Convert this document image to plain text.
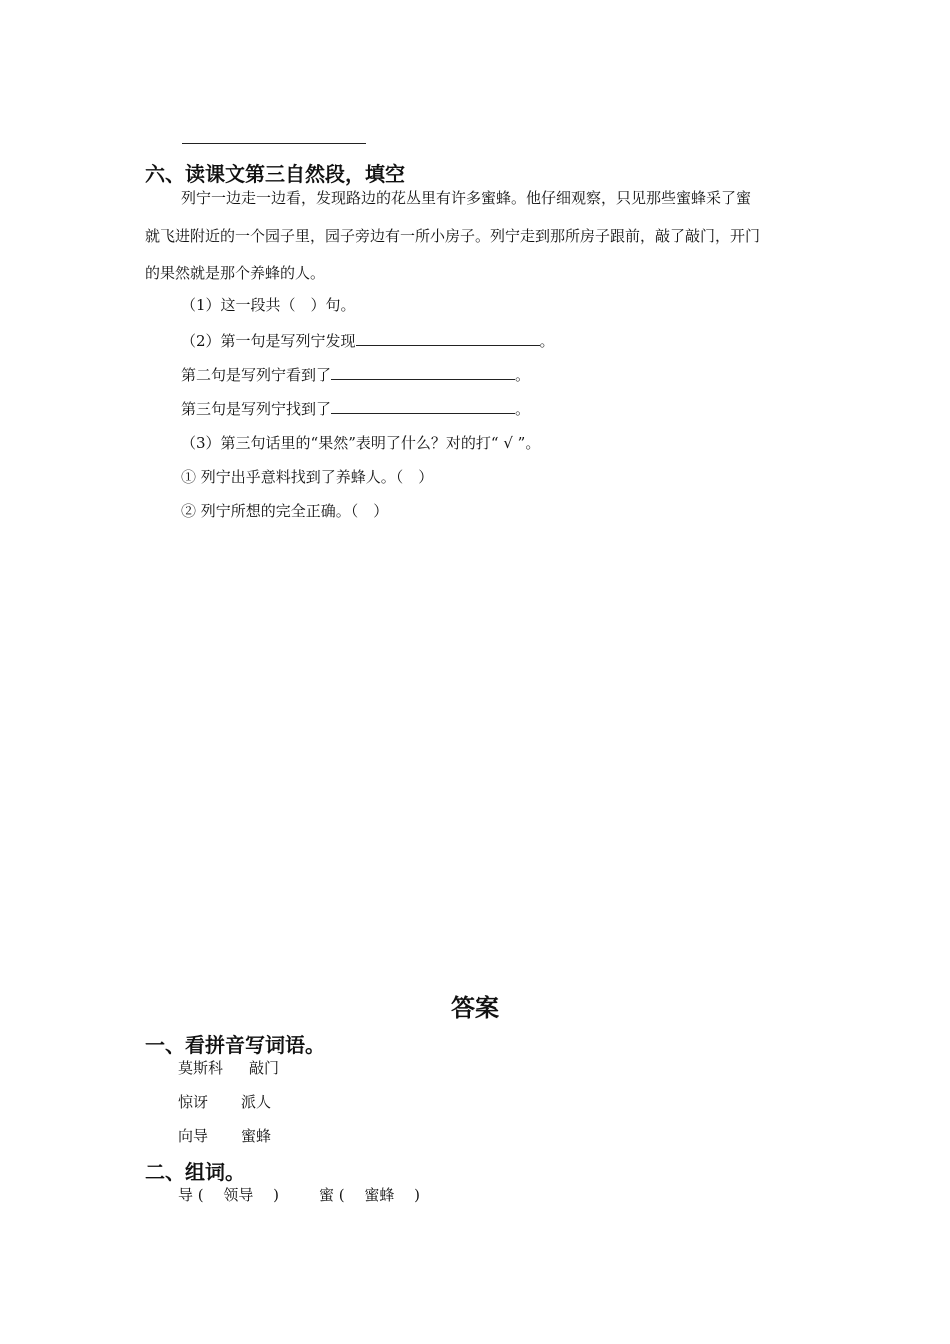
六、读课文第三自然段，填空
列宁一边走一边看，发现路边的花丛里有许多蜜蜂。他仔细观察，只见那些蜜蜂采了蜜
就飞进附近的一个园子里，园子旁边有一所小房子。列宁走到那所房子跟前，敲了敲门，开门
的果然就是那个养蜂的人。
（1）这一段共（　）句。
（2）第一句是写列宁发现	。
第二句是写列宁看到了	。
第三句是写列宁找到了	。
（3）第三句话里的“果然”表明了什么？对的打“ √ ”。
① 列宁出乎意料找到了养蜂人。（　）
② 列宁所想的完全正确。（　）
答案
一、看拼音写词语。
莫斯科 敲门
惊讶 派人
向导 蜜蜂
二、组词。
导 (　 领导 　)	蜜 (　 蜜蜂 　)
